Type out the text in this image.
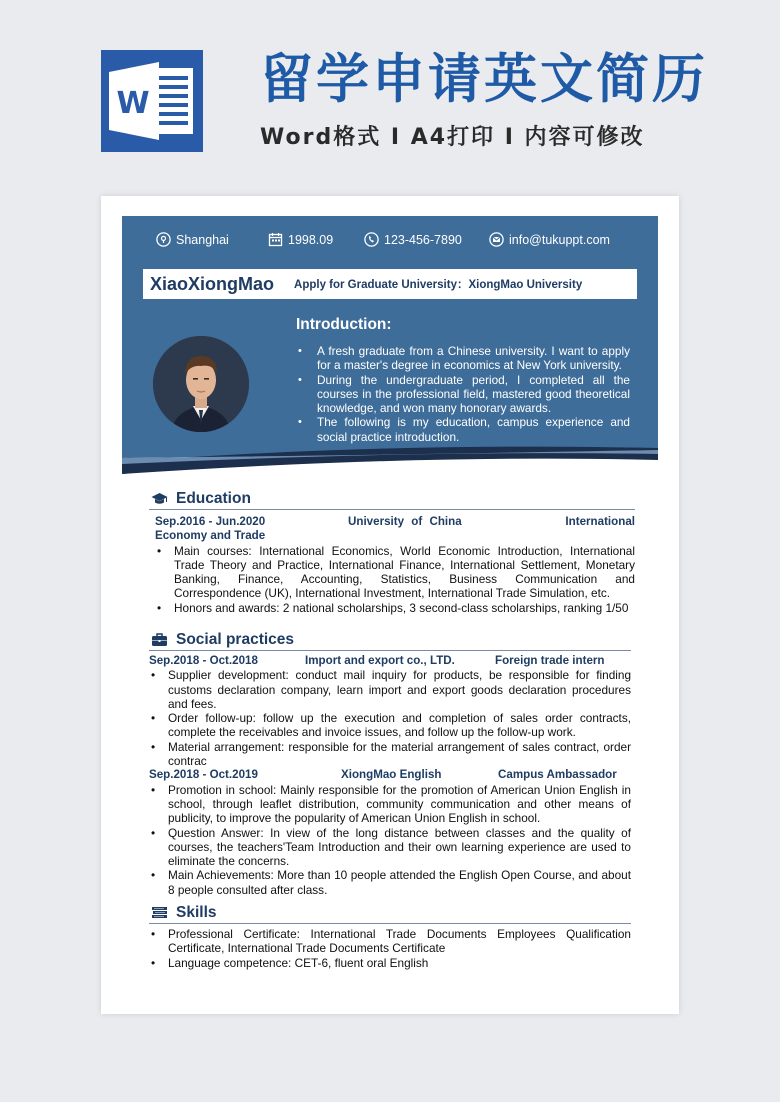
W 留学申请英文简历
Word格式 I A4打印 I 内容可修改
Shanghai	1998.09	123-456-7890	info@tukuppt.com
XiaoXiongMao Apply for Graduate University：XiongMao University
Introduction:
• A fresh graduate from a Chinese university. I want to apply for a master's degree in economics at New York university.
• During the undergraduate period, I completed all the courses in the professional field, mastered good theoretical knowledge, and won many honorary awards.
• The following is my education, campus experience and social practice introduction.
Education
Sep.2016 - Jun.2020	University of China	International
Economy and Trade
• Main courses: International Economics, World Economic Introduction, International Trade Theory and Practice, International Finance, International Settlement, Monetary Banking, Finance, Accounting, Statistics, Business Communication and Correspondence (UK), International Investment, International Trade Simulation, etc.
• Honors and awards: 2 national scholarships, 3 second-class scholarships, ranking 1/50
Social practices
Sep.2018 - Oct.2018	Import and export co., LTD.	Foreign trade intern
• Supplier development: conduct mail inquiry for products, be responsible for finding customs declaration company, learn import and export goods declaration procedures and fees.
• Order follow-up: follow up the execution and completion of sales order contracts, complete the receivables and invoice issues, and follow up the follow-up work.
• Material arrangement: responsible for the material arrangement of sales contract, order contrac
Sep.2018 - Oct.2019	XiongMao English	Campus Ambassador
• Promotion in school: Mainly responsible for the promotion of American Union English in school, through leaflet distribution, community communication and other means of publicity, to improve the popularity of American Union English in school.
• Question Answer: In view of the long distance between classes and the quality of courses, the teachers'Team Introduction and their own learning experience are used to eliminate the concerns.
• Main Achievements: More than 10 people attended the English Open Course, and about 8 people consulted after class.
Skills
• Professional Certificate: International Trade Documents Employees Qualification Certificate, International Trade Documents Certificate
• Language competence: CET-6, fluent oral English
